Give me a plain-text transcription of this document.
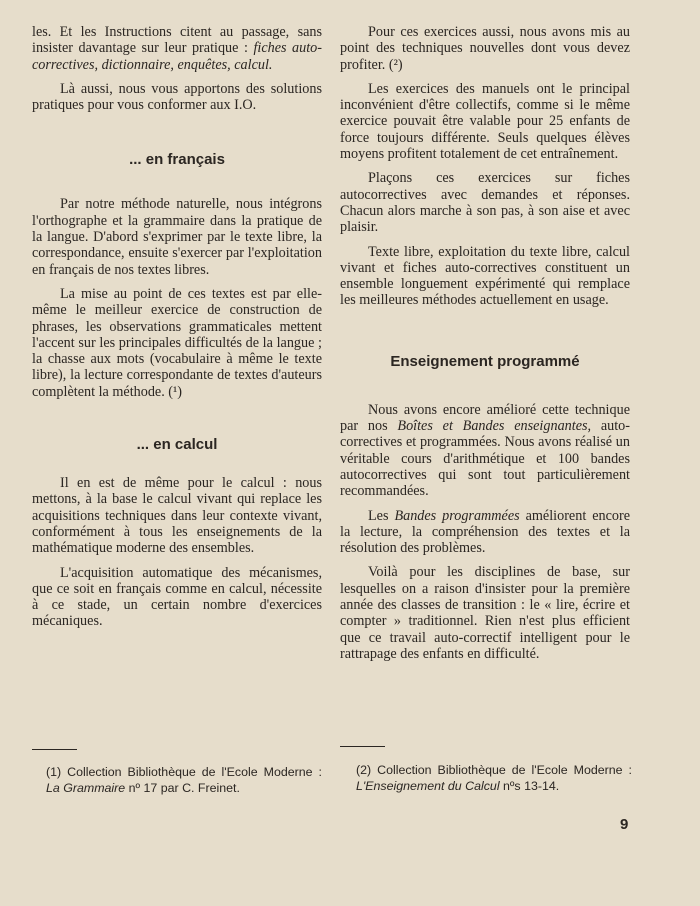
les. Et les Instructions citent au passage, sans insister davantage sur leur pratique : fiches auto-correctives, dictionnaire, enquêtes, calcul.

Là aussi, nous vous apportons des solutions pratiques pour vous conformer aux I.O.

... en français

Par notre méthode naturelle, nous intégrons l'orthographe et la grammaire dans la pratique de la langue. D'abord s'exprimer par le texte libre, la correspondance, ensuite s'exercer par l'exploitation en français de nos textes libres.

La mise au point de ces textes est par elle-même le meilleur exercice de construction de phrases, les observations grammaticales mettent l'accent sur les principales difficultés de la langue ; la chasse aux mots (vocabulaire à même le texte libre), la lecture correspondante de textes d'auteurs complètent la méthode. (¹)

... en calcul

Il en est de même pour le calcul : nous mettons, à la base le calcul vivant qui replace les acquisitions techniques dans leur contexte vivant, conformément à tous les enseignements de la mathématique moderne des ensembles.

L'acquisition automatique des mécanismes, que ce soit en français comme en calcul, nécessite à ce stade, un certain nombre d'exercices mécaniques.

Pour ces exercices aussi, nous avons mis au point des techniques nouvelles dont vous devez profiter. (²)

Les exercices des manuels ont le principal inconvénient d'être collectifs, comme si le même exercice pouvait être valable pour 25 enfants de force toujours différente. Seuls quelques élèves moyens profitent totalement de cet entraînement.

Plaçons ces exercices sur fiches autocorrectives avec demandes et réponses. Chacun alors marche à son pas, à son aise et avec plaisir.

Texte libre, exploitation du texte libre, calcul vivant et fiches auto-correctives constituent un ensemble longuement expérimenté qui remplace les meilleures méthodes actuellement en usage.

Enseignement programmé

Nous avons encore amélioré cette technique par nos Boîtes et Bandes enseignantes, auto-correctives et programmées. Nous avons réalisé un véritable cours d'arithmétique et 100 bandes autocorrectives qui sont tout particulièrement recommandées.

Les Bandes programmées améliorent encore la lecture, la compréhension des textes et la résolution des problèmes.

Voilà pour les disciplines de base, sur lesquelles on a raison d'insister pour la première année des classes de transition : le « lire, écrire et compter » traditionnel. Rien n'est plus efficient que ce travail auto-correctif intelligent pour le rattrapage des enfants en difficulté.

(1) Collection Bibliothèque de l'Ecole Moderne : La Grammaire nº 17 par C. Freinet.
(2) Collection Bibliothèque de l'Ecole Moderne : L'Enseignement du Calcul nºs 13-14.
9
